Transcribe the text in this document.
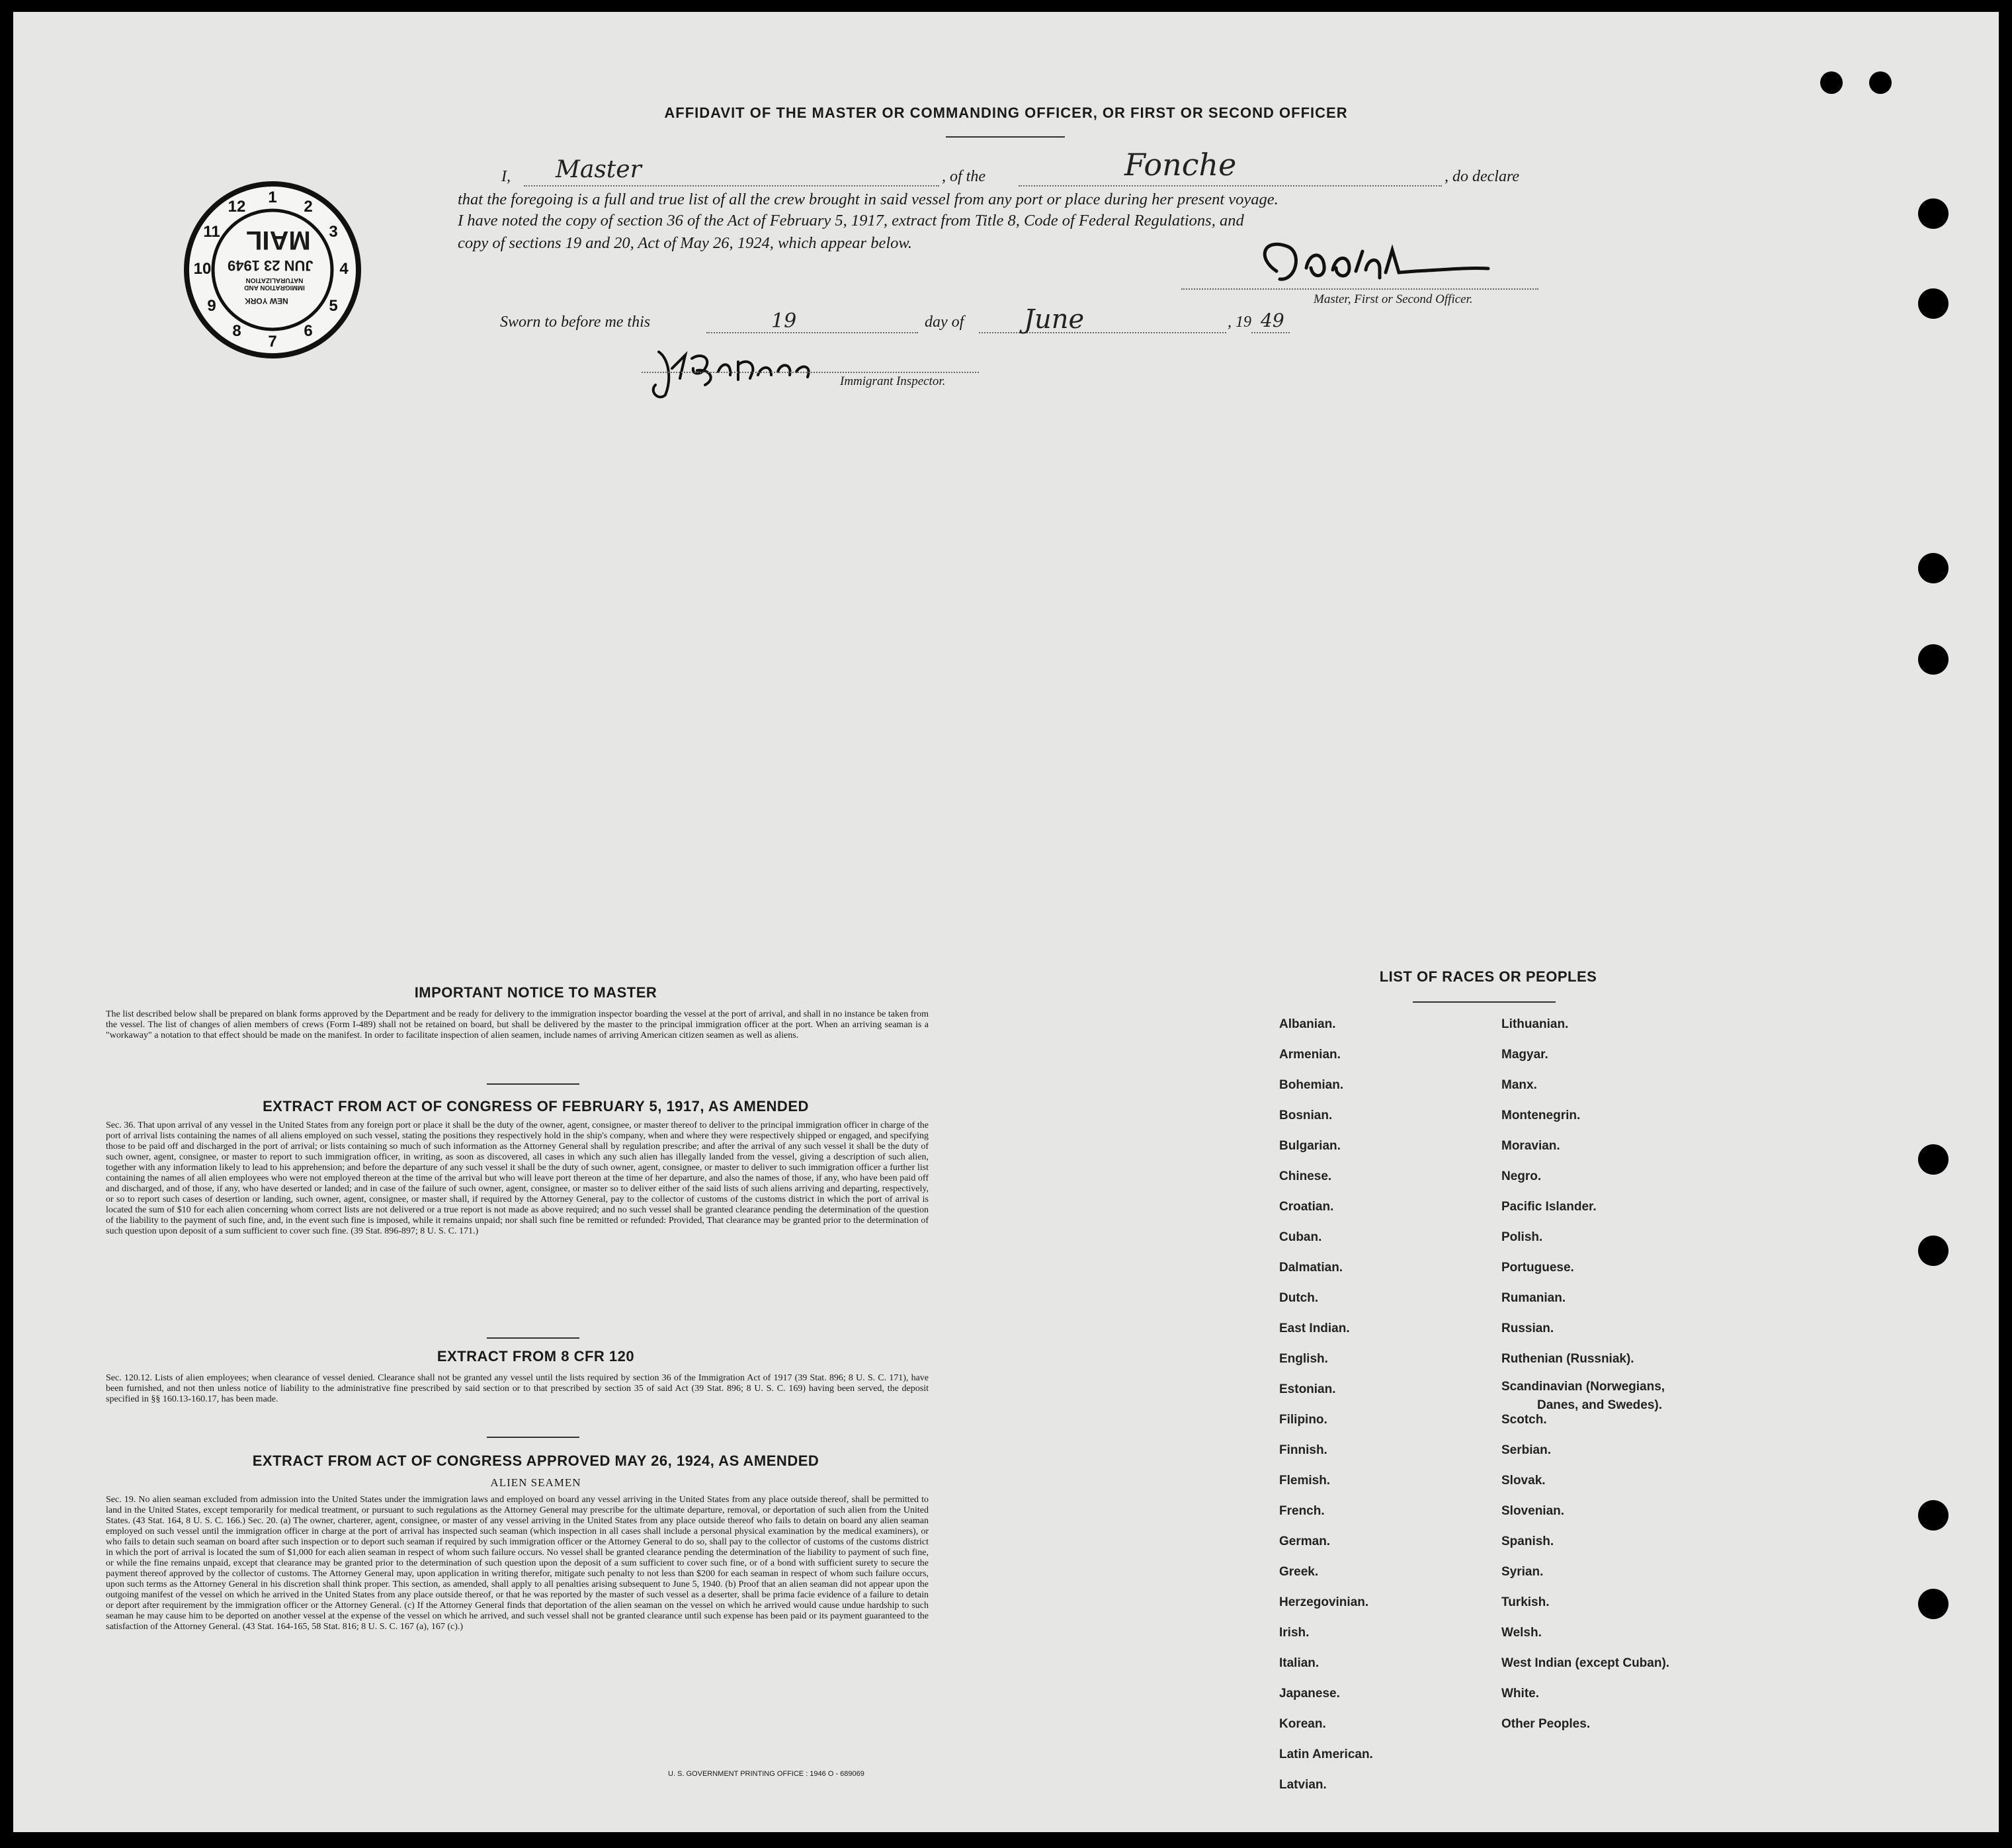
AFFIDAVIT OF THE MASTER OR COMMANDING OFFICER, OR FIRST OR SECOND OFFICER
I, Master	, of the	Fonche	, do declare
that the foregoing is a full and true list of all the crew brought in said vessel from any port or place during her present voyage.
I have noted the copy of section 36 of the Act of February 5, 1917, extract from Title 8, Code of Federal Regulations, and
copy of sections 19 and 20, Act of May 26, 1924, which appear below.
Master, First or Second Officer.
Sworn to before me this	19	day of June	, 19 49
Immigrant Inspector.
1
2
3
4
5
6
7
8
9
10
11
12
MAIL
JUN 23 1949
IMMIGRATION AND NATURALIZATION
NEW YORK
IMPORTANT NOTICE TO MASTER
The list described below shall be prepared on blank forms approved by the Department and be ready for delivery to the immigration inspector boarding the vessel at the port of arrival, and shall in no instance be taken from the vessel. The list of changes of alien members of crews (Form I-489) shall not be retained on board, but shall be delivered by the master to the principal immigration officer at the port. When an arriving seaman is a "workaway" a notation to that effect should be made on the manifest. In order to facilitate inspection of alien seamen, include names of arriving American citizen seamen as well as aliens.
EXTRACT FROM ACT OF CONGRESS OF FEBRUARY 5, 1917, AS AMENDED
Sec. 36. That upon arrival of any vessel in the United States from any foreign port or place it shall be the duty of the owner, agent, consignee, or master thereof to deliver to the principal immigration officer in charge of the port of arrival lists containing the names of all aliens employed on such vessel, stating the positions they respectively hold in the ship's company, when and where they were respectively shipped or engaged, and specifying those to be paid off and discharged in the port of arrival; or lists containing so much of such information as the Attorney General shall by regulation prescribe; and after the arrival of any such vessel it shall be the duty of such owner, agent, consignee, or master to report to such immigration officer, in writing, as soon as discovered, all cases in which any such alien has illegally landed from the vessel, giving a description of such alien, together with any information likely to lead to his apprehension; and before the departure of any such vessel it shall be the duty of such owner, agent, consignee, or master to deliver to such immigration officer a further list containing the names of all alien employees who were not employed thereon at the time of the arrival but who will leave port thereon at the time of her departure, and also the names of those, if any, who have been paid off and discharged, and of those, if any, who have deserted or landed; and in case of the failure of such owner, agent, consignee, or master so to deliver either of the said lists of such aliens arriving and departing, respectively, or so to report such cases of desertion or landing, such owner, agent, consignee, or master shall, if required by the Attorney General, pay to the collector of customs of the customs district in which the port of arrival is located the sum of $10 for each alien concerning whom correct lists are not delivered or a true report is not made as above required; and no such vessel shall be granted clearance pending the determination of the question of the liability to the payment of such fine, and, in the event such fine is imposed, while it remains unpaid; nor shall such fine be remitted or refunded: Provided, That clearance may be granted prior to the determination of such question upon deposit of a sum sufficient to cover such fine. (39 Stat. 896-897; 8 U. S. C. 171.)
EXTRACT FROM 8 CFR 120
Sec. 120.12. Lists of alien employees; when clearance of vessel denied. Clearance shall not be granted any vessel until the lists required by section 36 of the Immigration Act of 1917 (39 Stat. 896; 8 U. S. C. 171), have been furnished, and not then unless notice of liability to the administrative fine prescribed by said section or to that prescribed by section 35 of said Act (39 Stat. 896; 8 U. S. C. 169) having been served, the deposit specified in §§ 160.13-160.17, has been made.
EXTRACT FROM ACT OF CONGRESS APPROVED MAY 26, 1924, AS AMENDED
ALIEN SEAMEN
Sec. 19. No alien seaman excluded from admission into the United States under the immigration laws and employed on board any vessel arriving in the United States from any place outside thereof, shall be permitted to land in the United States, except temporarily for medical treatment, or pursuant to such regulations as the Attorney General may prescribe for the ultimate departure, removal, or deportation of such alien from the United States. (43 Stat. 164, 8 U. S. C. 166.) Sec. 20. (a) The owner, charterer, agent, consignee, or master of any vessel arriving in the United States from any place outside thereof who fails to detain on board any alien seaman employed on such vessel until the immigration officer in charge at the port of arrival has inspected such seaman (which inspection in all cases shall include a personal physical examination by the medical examiners), or who fails to detain such seaman on board after such inspection or to deport such seaman if required by such immigration officer or the Attorney General to do so, shall pay to the collector of customs of the customs district in which the port of arrival is located the sum of $1,000 for each alien seaman in respect of whom such failure occurs. No vessel shall be granted clearance pending the determination of the liability to payment of such fine, or while the fine remains unpaid, except that clearance may be granted prior to the determination of such question upon the deposit of a sum sufficient to cover such fine, or of a bond with sufficient surety to secure the payment thereof approved by the collector of customs. The Attorney General may, upon application in writing therefor, mitigate such penalty to not less than $200 for each seaman in respect of whom such failure occurs, upon such terms as the Attorney General in his discretion shall think proper. This section, as amended, shall apply to all penalties arising subsequent to June 5, 1940. (b) Proof that an alien seaman did not appear upon the outgoing manifest of the vessel on which he arrived in the United States from any place outside thereof, or that he was reported by the master of such vessel as a deserter, shall be prima facie evidence of a failure to detain or deport after requirement by the immigration officer or the Attorney General. (c) If the Attorney General finds that deportation of the alien seaman on the vessel on which he arrived would cause undue hardship to such seaman he may cause him to be deported on another vessel at the expense of the vessel on which he arrived, and such vessel shall not be granted clearance until such expense has been paid or its payment guaranteed to the satisfaction of the Attorney General. (43 Stat. 164-165, 58 Stat. 816; 8 U. S. C. 167 (a), 167 (c).)
U. S. GOVERNMENT PRINTING OFFICE : 1946 O - 689069
LIST OF RACES OR PEOPLES
Albanian.
Armenian.
Bohemian.
Bosnian.
Bulgarian.
Chinese.
Croatian.
Cuban.
Dalmatian.
Dutch.
East Indian.
English.
Estonian.
Filipino.
Finnish.
Flemish.
French.
German.
Greek.
Herzegovinian.
Irish.
Italian.
Japanese.
Korean.
Latin American.
Latvian.
Lithuanian.
Magyar.
Manx.
Montenegrin.
Moravian.
Negro.
Pacific Islander.
Polish.
Portuguese.
Rumanian.
Russian.
Ruthenian (Russniak).
Scandinavian (Norwegians,
Danes, and Swedes).
Scotch.
Serbian.
Slovak.
Slovenian.
Spanish.
Syrian.
Turkish.
Welsh.
West Indian (except Cuban).
White.
Other Peoples.
